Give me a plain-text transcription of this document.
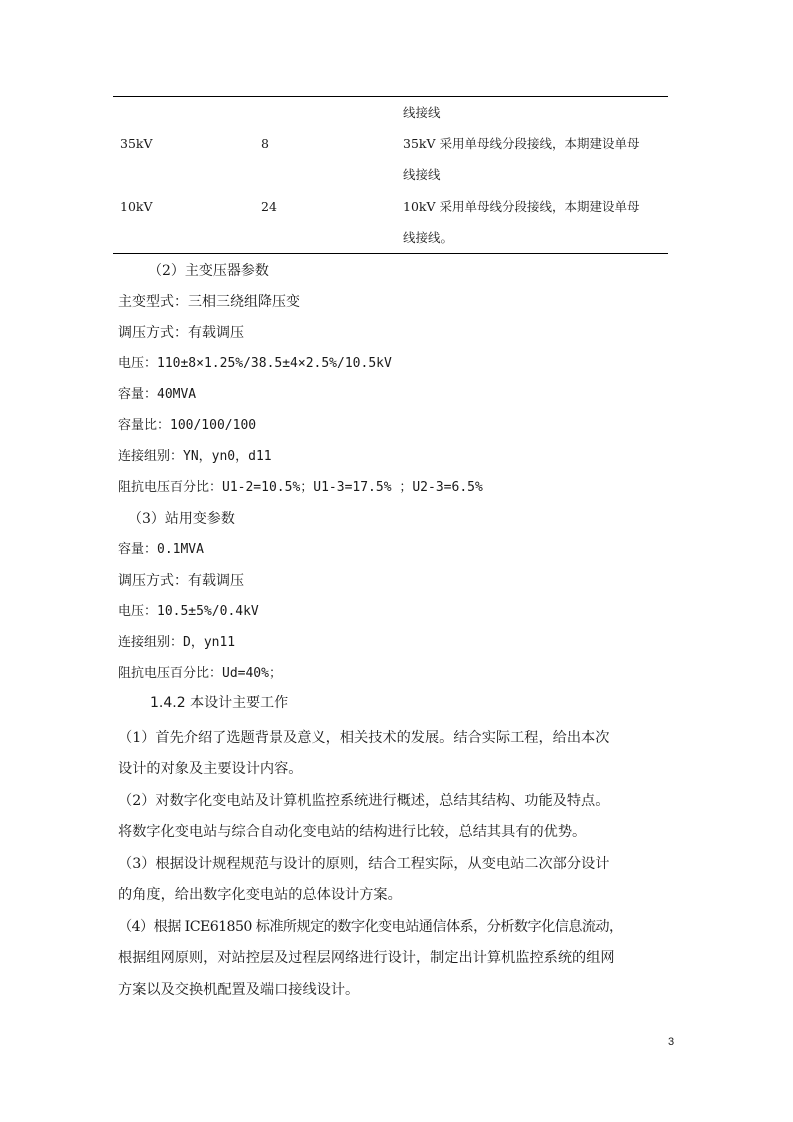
线接线
35kV	8	35kV 采用单母线分段接线，本期建设单母
线接线
10kV	24	10kV 采用单母线分段接线，本期建设单母
线接线。
（2）主变压器参数
主变型式：三相三绕组降压变
调压方式：有载调压
电压：110±8×1.25%/38.5±4×2.5%/10.5kV
容量：40MVA
容量比：100/100/100
连接组别：YN，yn0，d11
阻抗电压百分比：U1-2=10.5%；U1-3=17.5% ；U2-3=6.5%
（3）站用变参数
容量：0.1MVA
调压方式：有载调压
电压：10.5±5%/0.4kV
连接组别：D，yn11
阻抗电压百分比：Ud=40%；
1.4.2 本设计主要工作
（1）首先介绍了选题背景及意义，相关技术的发展。结合实际工程，给出本次
设计的对象及主要设计内容。
（2）对数字化变电站及计算机监控系统进行概述，总结其结构、功能及特点。
将数字化变电站与综合自动化变电站的结构进行比较，总结其具有的优势。
（3）根据设计规程规范与设计的原则，结合工程实际，从变电站二次部分设计
的角度，给出数字化变电站的总体设计方案。
（4）根据 ICE61850 标准所规定的数字化变电站通信体系，分析数字化信息流动，
根据组网原则，对站控层及过程层网络进行设计，制定出计算机监控系统的组网
方案以及交换机配置及端口接线设计。
3
